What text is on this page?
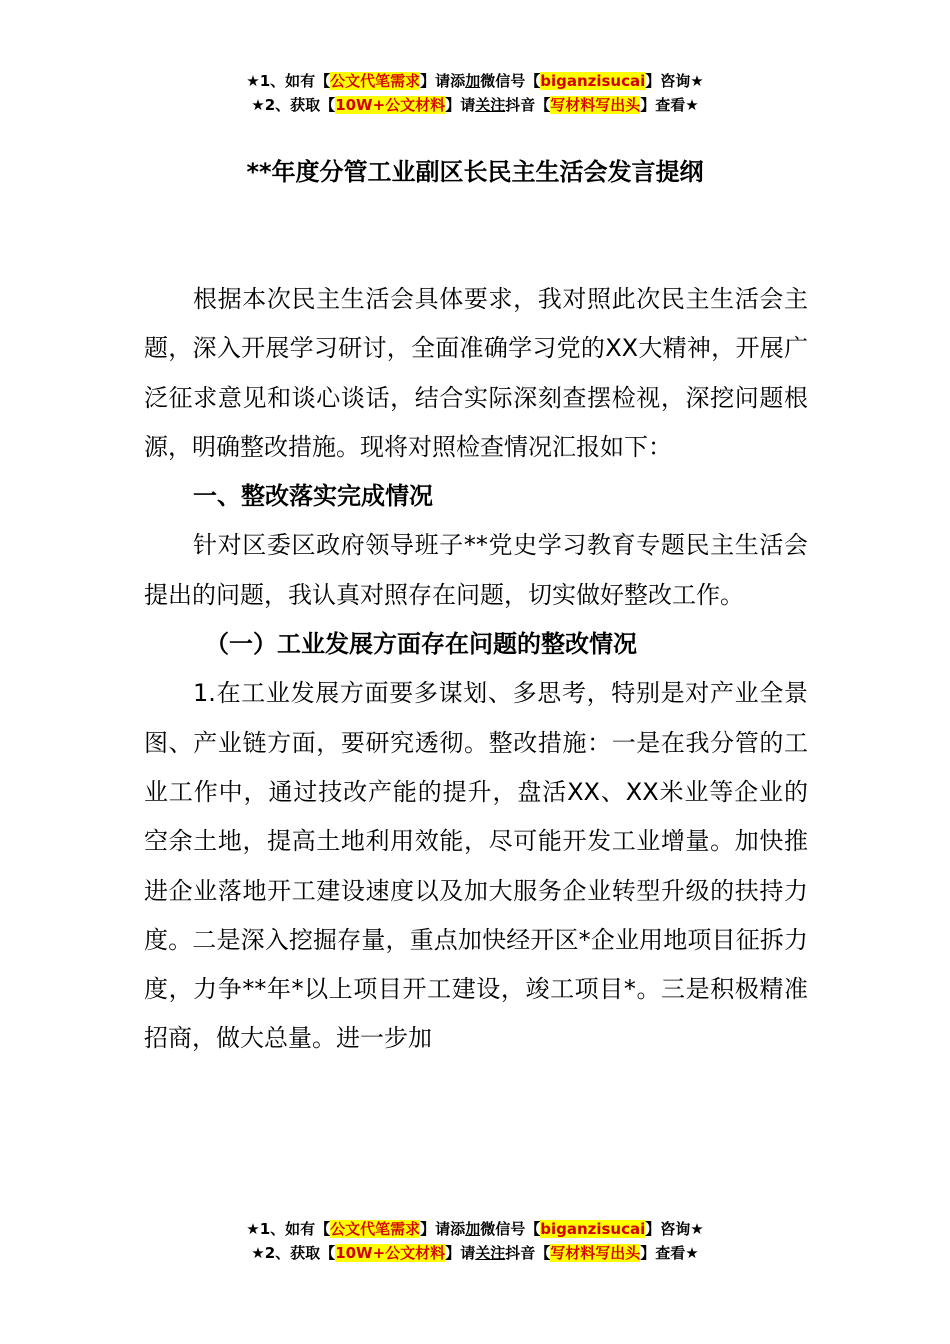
★1、如有【公文代笔需求】请添加微信号【biganzisucai】咨询★
★2、获取【10W+公文材料】请关注抖音【写材料写出头】查看★
**年度分管工业副区长民主生活会发言提纲

根据本次民主生活会具体要求，我对照此次民主生活会主题，深入开展学习研讨，全面准确学习党的XX大精神，开展广泛征求意见和谈心谈话，结合实际深刻查摆检视，深挖问题根源，明确整改措施。现将对照检查情况汇报如下：

一、整改落实完成情况

针对区委区政府领导班子**党史学习教育专题民主生活会提出的问题，我认真对照存在问题，切实做好整改工作。

（一）工业发展方面存在问题的整改情况

1.在工业发展方面要多谋划、多思考，特别是对产业全景图、产业链方面，要研究透彻。整改措施：一是在我分管的工业工作中，通过技改产能的提升，盘活XX、XX米业等企业的空余土地，提高土地利用效能，尽可能开发工业增量。加快推进企业落地开工建设速度以及加大服务企业转型升级的扶持力度。二是深入挖掘存量，重点加快经开区*企业用地项目征拆力度，力争**年*以上项目开工建设，竣工项目*。三是积极精准招商，做大总量。进一步加

★1、如有【公文代笔需求】请添加微信号【biganzisucai】咨询★
★2、获取【10W+公文材料】请关注抖音【写材料写出头】查看★
